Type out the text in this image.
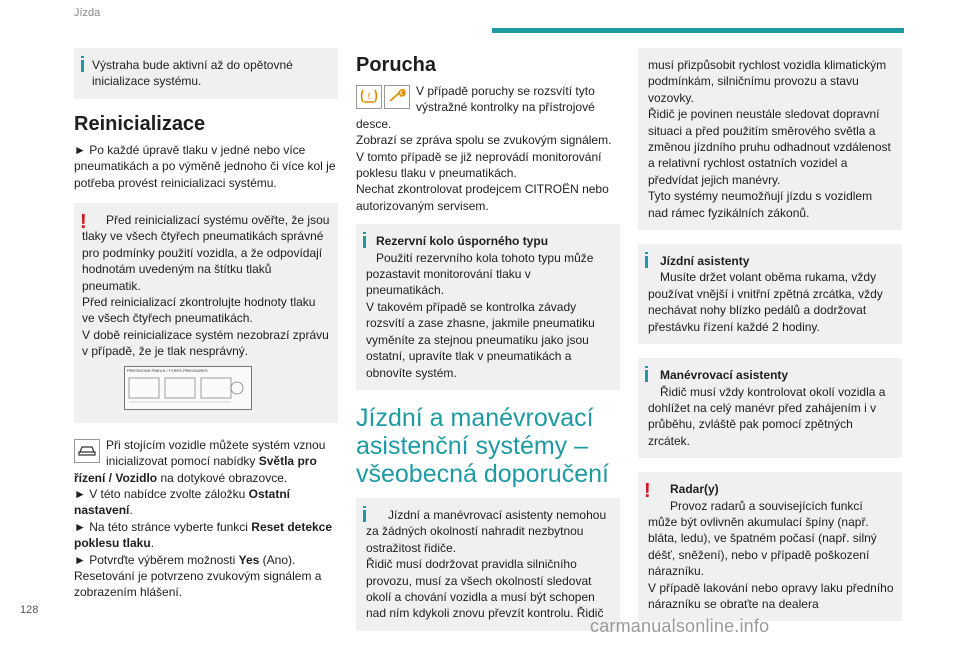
Jízda

Výstraha bude aktivní až do opětovné inicializace systému.

Reinicializace

► Po každé úpravě tlaku v jedné nebo více pneumatikách a po výměně jednoho či více kol je potřeba provést reinicializaci systému.

!	Před reinicializací systému ověřte, že jsou tlaky ve všech čtyřech pneumatikách správné pro podmínky použití vozidla, a že odpovídají hodnotám uvedeným na štítku tlaků pneumatik.
Před reinicializací zkontrolujte hodnoty tlaku ve všech čtyřech pneumatikách.
V době reinicializace systém nezobrazí zprávu v případě, že je tlak nesprávný.

PRESSIONS PNEUS / TYRES PRESSURES

Při stojícím vozidle můžete systém vznou inicializovat pomocí nabídky Světla pro řízení / Vozidlo na dotykové obrazovce.

► V této nabídce zvolte záložku Ostatní nastavení.

► Na této stránce vyberte funkci Reset detekce poklesu tlaku.

► Potvrďte výběrem možnosti Yes (Ano).

Resetování je potvrzeno zvukovým signálem a zobrazením hlášení.

Porucha
!	V případě poruchy se rozsvítí tyto výstražné kontrolky na přístrojové desce.

Zobrazí se zpráva spolu se zvukovým signálem.

V tomto případě se již neprovádí monitorování poklesu tlaku v pneumatikách.

Nechat zkontrolovat prodejcem CITROËN nebo autorizovaným servisem.

Rezervní kolo úsporného typu

Použití rezervního kola tohoto typu může pozastavit monitorování tlaku v pneumatikách.
V takovém případě se kontrolka závady rozsvítí a zase zhasne, jakmile pneumatiku vyměníte za stejnou pneumatiku jako jsou ostatní, upravíte tlak v pneumatikách a obnovíte systém.

Jízdní a manévrovací asistenční systémy – všeobecná doporučení

Jízdní a manévrovací asistenty nemohou za žádných okolností nahradit nezbytnou ostražitost řidiče.
Řidič musí dodržovat pravidla silničního provozu, musí za všech okolností sledovat okolí a chování vozidla a musí být schopen nad ním kdykoli znovu převzít kontrolu. Řidič

musí přizpůsobit rychlost vozidla klimatickým podmínkám, silničnímu provozu a stavu vozovky.
Řidič je povinen neustále sledovat dopravní situaci a před použitím směrového světla a změnou jízdního pruhu odhadnout vzdálenost a relativní rychlost ostatních vozidel a předvídat jejich manévry.
Tyto systémy neumožňují jízdu s vozidlem nad rámec fyzikálních zákonů.

Jízdní asistenty

Musíte držet volant oběma rukama, vždy používat vnější i vnitřní zpětná zrcátka, vždy nechávat nohy blízko pedálů a dodržovat přestávku řízení každé 2 hodiny.

Manévrovací asistenty

Řidič musí vždy kontrolovat okolí vozidla a dohlížet na celý manévr před zahájením i v průběhu, zvláště pak pomocí zpětných zrcátek.

!	Radar(y)

Provoz radarů a souvisejících funkcí může být ovlivněn akumulací špíny (např. bláta, ledu), ve špatném počasí (např. silný déšť, sněžení), nebo v případě poškození nárazníku.
V případě lakování nebo opravy laku předního nárazníku se obraťte na dealera

128
carmanualsonline.info
